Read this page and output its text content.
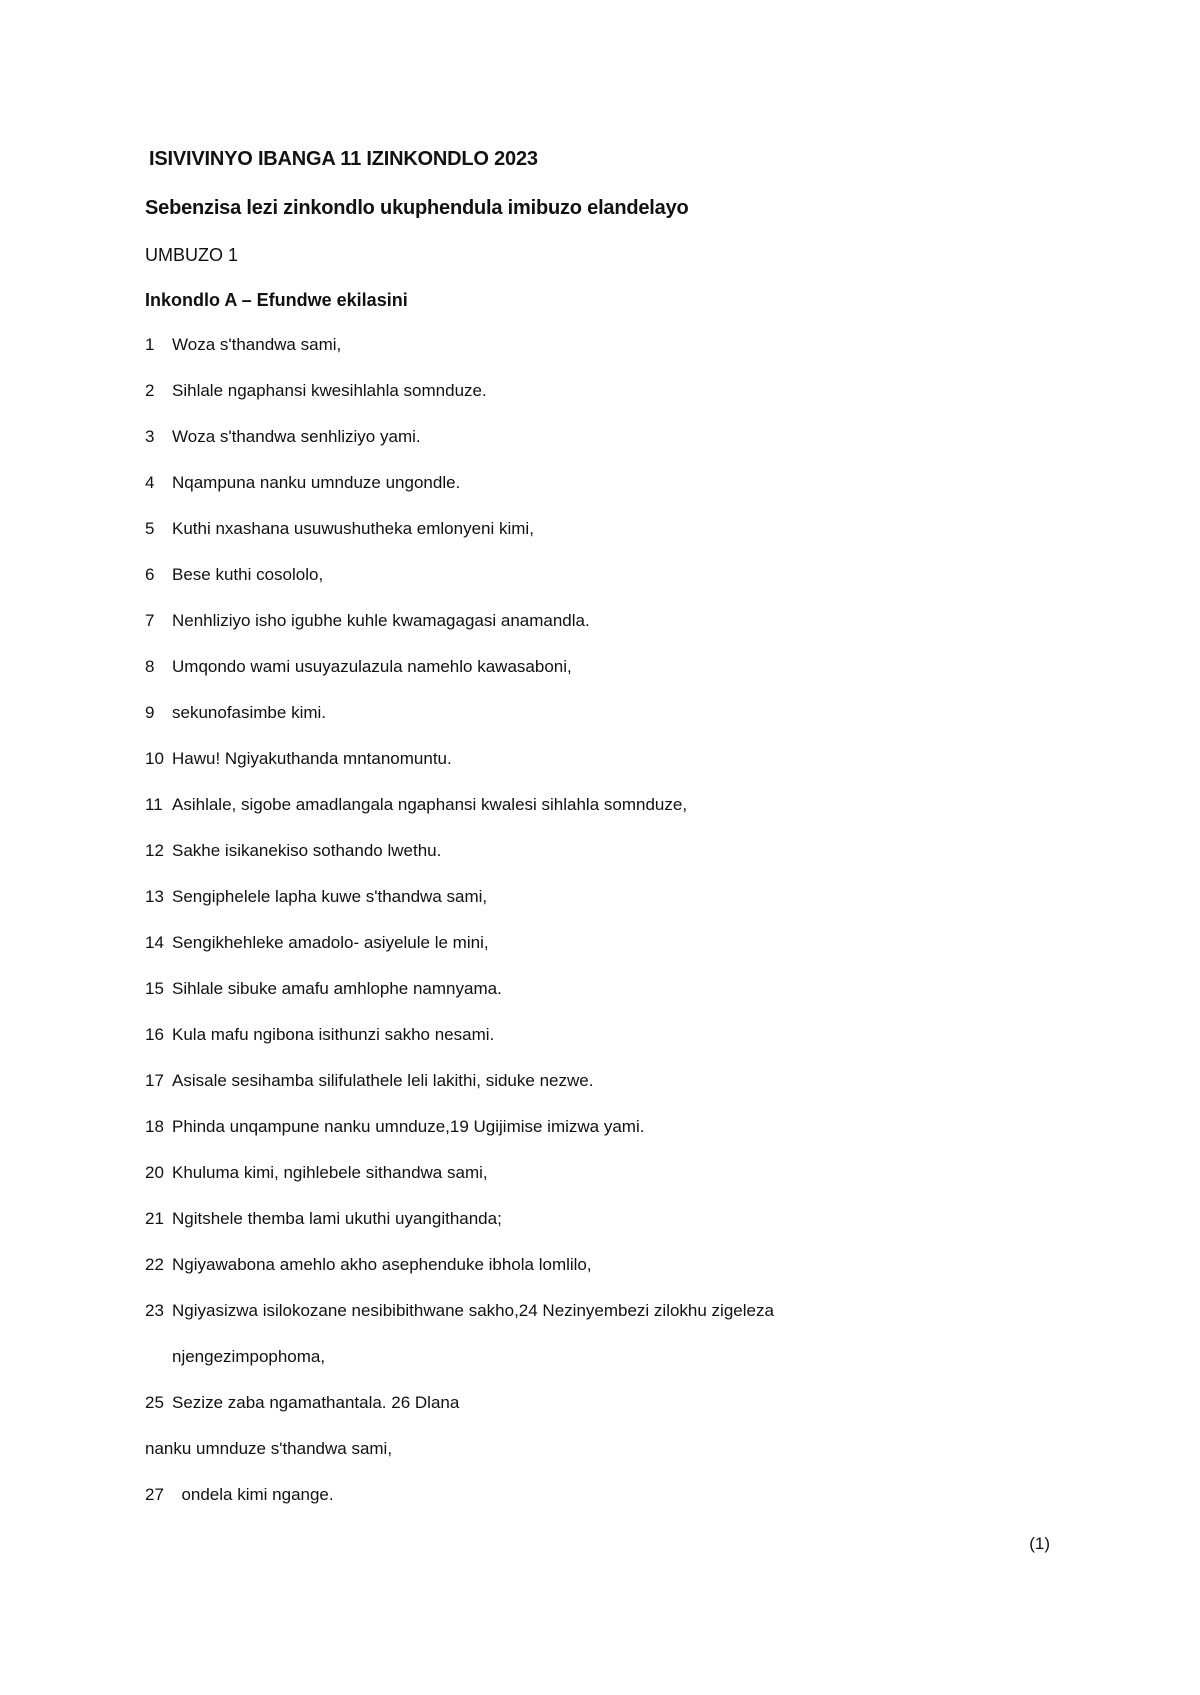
ISIVIVINYO IBANGA 11 IZINKONDLO 2023
Sebenzisa lezi zinkondlo ukuphendula imibuzo elandelayo
UMBUZO 1
Inkondlo A – Efundwe ekilasini
1 Woza s'thandwa sami,
2 Sihlale ngaphansi kwesihlahla somnduze.
3 Woza s'thandwa senhliziyo yami.
4 Nqampuna nanku umnduze ungondle.
5 Kuthi nxashana usuwushutheka emlonyeni kimi,
6 Bese kuthi cosololo,
7 Nenhliziyo isho igubhe kuhle kwamagagasi anamandla.
8 Umqondo wami usuyazulazula namehlo kawasaboni,
9 sekunofasimbe kimi.
10 Hawu! Ngiyakuthanda mntanomuntu.
11 Asihlale, sigobe amadlangala ngaphansi kwalesi sihlahla somnduze,
12 Sakhe isikanekiso sothando lwethu.
13 Sengiphelele lapha kuwe s'thandwa sami,
14 Sengikhehleke amadolo- asiyelule le mini,
15 Sihlale sibuke amafu amhlophe namnyama.
16 Kula mafu ngibona isithunzi sakho nesami.
17 Asisale sesihamba silifulathele leli lakithi, siduke nezwe.
18 Phinda unqampune nanku umnduze,19 Ugijimise imizwa yami.
20 Khuluma kimi, ngihlebele sithandwa sami,
21 Ngitshele themba lami ukuthi uyangithanda;
22 Ngiyawabona amehlo akho asephenduke ibhola lomlilo,
23 Ngiyasizwa isilokozane nesibibithwane sakho,24 Nezinyembezi zilokhu zigeleza
njengezimpophoma,
25 Sezize zaba ngamathantala. 26 Dlana
nanku umnduze s'thandwa sami,
27  ondela kimi ngange.
(1)
